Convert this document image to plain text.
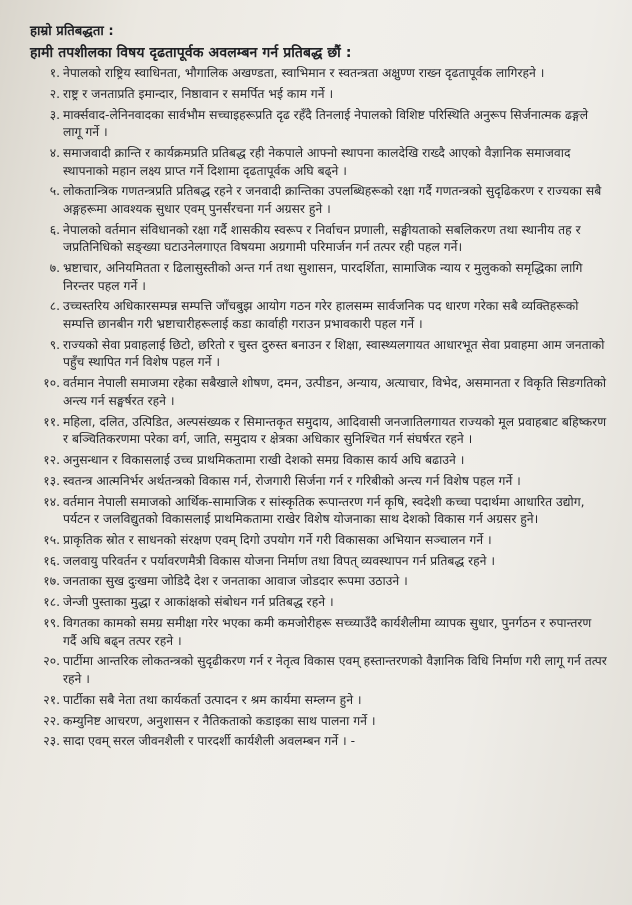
हाम्रो प्रतिबद्धता :
हामी तपशीलका विषय दृढतापूर्वक अवलम्बन गर्न प्रतिबद्ध छौं :
१. नेपालको राष्ट्रिय स्वाधिनता, भौगालिक अखण्डता, स्वाभिमान र स्वतन्त्रता अक्षुण्ण राख्न दृढतापूर्वक लागिरहने ।
२. राष्ट्र र जनताप्रति इमान्दार, निष्ठावान र समर्पित भई काम गर्ने ।
३. मार्क्सवाद-लेनिनवादका सार्वभौम सच्चाइहरूप्रति दृढ रहँदै तिनलाई नेपालको विशिष्ट परिस्थिति अनुरूप सिर्जनात्मक ढङ्गले लागू गर्ने ।
४. समाजवादी क्रान्ति र कार्यक्रमप्रति प्रतिबद्ध रही नेकपाले आफ्नो स्थापना कालदेखि राख्दै आएको वैज्ञानिक समाजवाद स्थापनाको महान लक्ष्य प्राप्त गर्ने दिशामा दृढतापूर्वक अघि बढ्ने ।
५. लोकतान्त्रिक गणतन्त्रप्रति प्रतिबद्ध रहने र जनवादी क्रान्तिका उपलब्धिहरूको रक्षा गर्दै गणतन्त्रको सुदृढिकरण र राज्यका सबै अङ्गहरूमा आवश्यक सुधार एवम् पुनर्संरचना गर्न अग्रसर हुने ।
६. नेपालको वर्तमान संविधानको रक्षा गर्दै शासकीय स्वरूप र निर्वाचन प्रणाली, सङ्घीयताको सबलिकरण तथा स्थानीय तह र जप्रतिनिधिको सङ्ख्या घटाउनेलगाएत विषयमा अग्रगामी परिमार्जन गर्न तत्पर रही पहल गर्ने।
७. भ्रष्टाचार, अनियमितता र ढिलासुस्तीको अन्त गर्न तथा सुशासन, पारदर्शिता, सामाजिक न्याय र मुलुकको समृद्धिका लागि निरन्तर पहल गर्ने ।
८. उच्चस्तरिय अधिकारसम्पन्न सम्पत्ति जाँचबुझ आयोग गठन गरेर हालसम्म सार्वजनिक पद धारण गरेका सबै व्यक्तिहरूको सम्पत्ति छानबीन गरी भ्रष्टाचारीहरूलाई कडा कार्वाही गराउन प्रभावकारी पहल गर्ने ।
९. राज्यको सेवा प्रवाहलाई छिटो, छरितो र चुस्त दुरुस्त बनाउन र शिक्षा, स्वास्थ्यलगायत आधारभूत सेवा प्रवाहमा आम जनताको पहुँच स्थापित गर्न विशेष पहल गर्ने ।
१०. वर्तमान नेपाली समाजमा रहेका सबैखाले शोषण, दमन, उत्पीडन, अन्याय, अत्याचार, विभेद, असमानता र विकृति सिङगतिको अन्त्य गर्न सङ्घर्षरत रहने ।
११. महिला, दलित, उत्पिडित, अल्पसंख्यक र सिमान्तकृत समुदाय, आदिवासी जनजातिलगायत राज्यको मूल प्रवाहबाट बहिष्करण र बञ्चितिकरणमा परेका वर्ग, जाति, समुदाय र क्षेत्रका अधिकार सुनिश्चित गर्न संघर्षरत रहने ।
१२. अनुसन्धान र विकासलाई उच्च प्राथमिकतामा राखी देशको समग्र विकास कार्य अघि बढाउने ।
१३. स्वतन्त्र आत्मनिर्भर अर्थतन्त्रको विकास गर्न, रोजगारी सिर्जना गर्न र गरिबीको अन्त्य गर्न विशेष पहल गर्ने ।
१४. वर्तमान नेपाली समाजको आर्थिक-सामाजिक र सांस्कृतिक रूपान्तरण गर्न कृषि, स्वदेशी कच्चा पदार्थमा आधारित उद्योग, पर्यटन र जलविद्युतको विकासलाई प्राथमिकतामा राखेर विशेष योजनाका साथ देशको विकास गर्न अग्रसर हुने।
१५. प्राकृतिक स्रोत र साधनको संरक्षण एवम् दिगो उपयोग गर्ने गरी विकासका अभियान सञ्चालन गर्ने ।
१६. जलवायु परिवर्तन र पर्यावरणमैत्री विकास योजना निर्माण तथा विपत् व्यवस्थापन गर्न प्रतिबद्ध रहने ।
१७. जनताका सुख दुःखमा जोडिदै देश र जनताका आवाज जोडदार रूपमा उठाउने ।
१८. जेन्जी पुस्ताका मुद्धा र आकांक्षको संबोधन गर्न प्रतिबद्ध रहने ।
१९. विगतका कामको समग्र समीक्षा गरेर भएका कमी कमजोरीहरू सच्च्याउँदै कार्यशैलीमा व्यापक सुधार, पुनर्गठन र रुपान्तरण गर्दै अघि बढ्न तत्पर रहने ।
२०. पार्टीमा आन्तरिक लोकतन्त्रको सुदृढीकरण गर्न र नेतृत्व विकास एवम् हस्तान्तरणको वैज्ञानिक विधि निर्माण गरी लागू गर्न तत्पर रहने ।
२१. पार्टीका सबै नेता तथा कार्यकर्ता उत्पादन र श्रम कार्यमा सम्लग्न हुने ।
२२. कम्युनिष्ट आचरण, अनुशासन र नैतिकताको कडाइका साथ पालना गर्ने ।
२३. सादा एवम् सरल जीवनशैली र पारदर्शी कार्यशैली अवलम्बन गर्ने । -
